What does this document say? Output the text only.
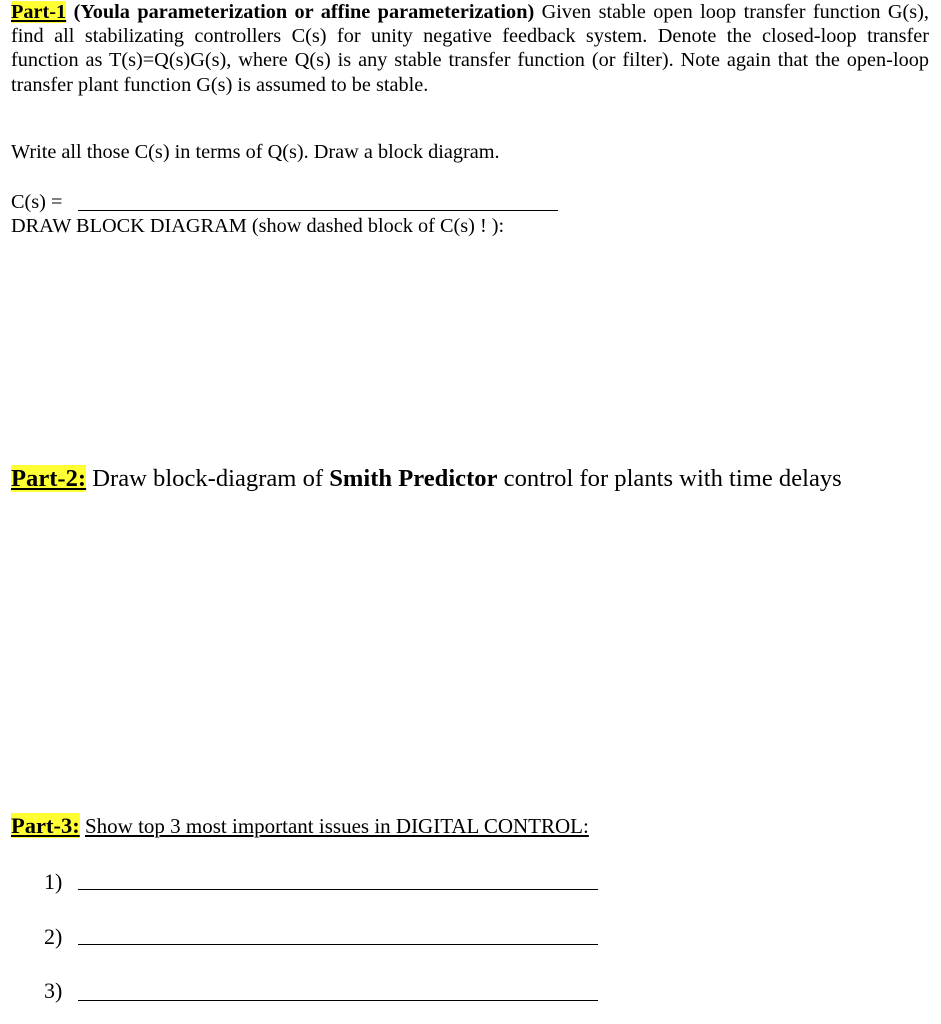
Part-1 (Youla parameterization or affine parameterization) Given stable open loop transfer function G(s), find all stabilizating controllers C(s) for unity negative feedback system. Denote the closed-loop transfer function as T(s)=Q(s)G(s), where Q(s) is any stable transfer function (or filter). Note again that the open-loop transfer plant function G(s) is assumed to be stable.

Write all those C(s) in terms of Q(s). Draw a block diagram.

C(s) =
DRAW BLOCK DIAGRAM (show dashed block of C(s) ! ):

Part-2: Draw block-diagram of Smith Predictor control for plants with time delays

Part-3: Show top 3 most important issues in DIGITAL CONTROL:

1)
2)
3)
